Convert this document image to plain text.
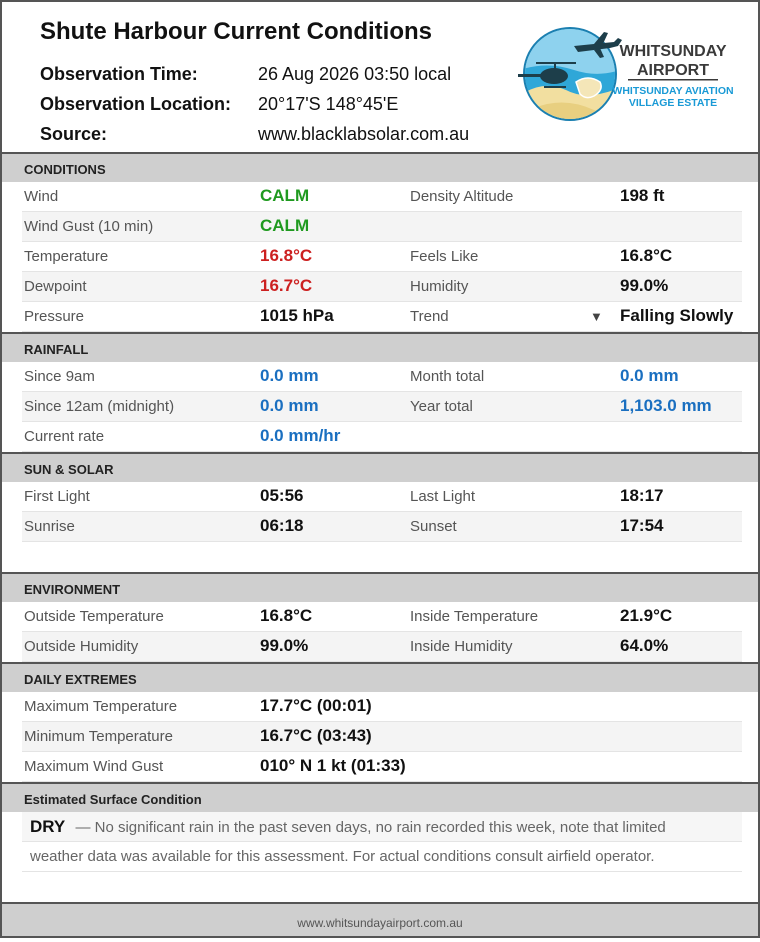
Shute Harbour Current Conditions
Observation Time:	26 Aug 2026 03:50 local
Observation Location:	20°17'S 148°45'E
Source:	www.blacklabsolar.com.au
WHITSUNDAY
AIRPORT
WHITSUNDAY AVIATION
VILLAGE ESTATE
CONDITIONS
Wind	CALM	Density Altitude	198 ft
Wind Gust (10 min)	CALM
Temperature	16.8°C	Feels Like	16.8°C
Dewpoint	16.7°C	Humidity	99.0%
Pressure	1015 hPa	Trend	▼ Falling Slowly
RAINFALL
Since 9am	0.0 mm	Month total	0.0 mm
Since 12am (midnight)	0.0 mm	Year total	1,103.0 mm
Current rate	0.0 mm/hr
SUN & SOLAR
First Light	05:56	Last Light	18:17
Sunrise	06:18	Sunset	17:54
ENVIRONMENT
Outside Temperature	16.8°C	Inside Temperature	21.9°C
Outside Humidity	99.0%	Inside Humidity	64.0%
DAILY EXTREMES
Maximum Temperature	17.7°C (00:01)
Minimum Temperature	16.7°C (03:43)
Maximum Wind Gust	010° N 1 kt (01:33)
Estimated Surface Condition
DRY — No significant rain in the past seven days, no rain recorded this week, note that limited
weather data was available for this assessment. For actual conditions consult airfield operator.
www.whitsundayairport.com.au
